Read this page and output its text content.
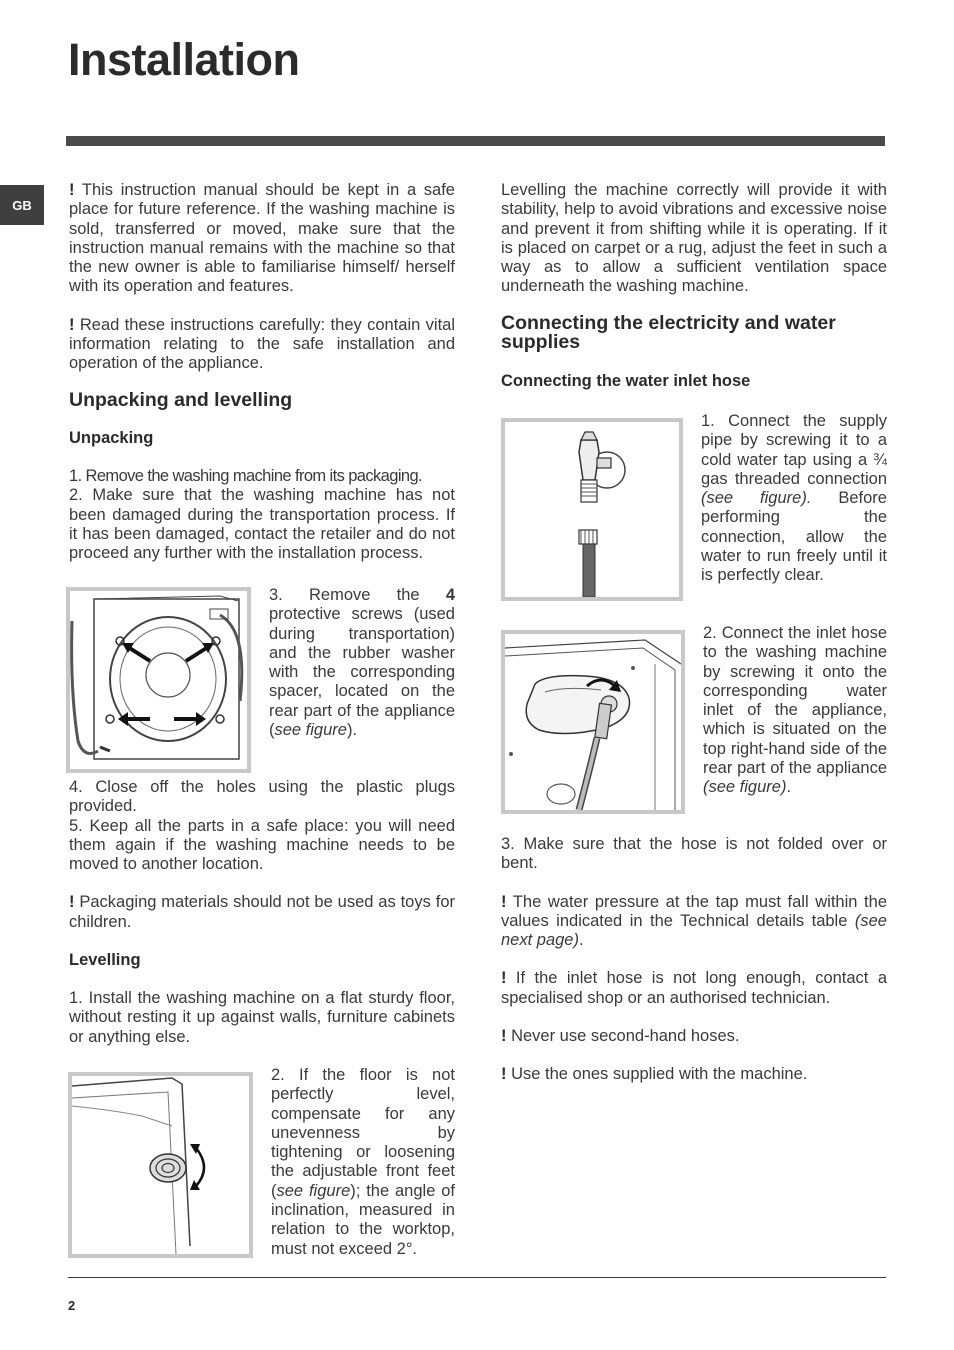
Installation
GB

! This instruction manual should be kept in a safe place for future reference. If the washing machine is sold, transferred or moved, make sure that the instruction manual remains with the machine so that the new owner is able to familiarise himself/ herself with its operation and features.

! Read these instructions carefully: they contain vital information relating to the safe installation and operation of the appliance.

Unpacking and levelling
Unpacking

1. Remove the washing machine from its packaging.

2. Make sure that the washing machine has not been damaged during the transportation process. If it has been damaged, contact the retailer and do not proceed any further with the installation process.

3. Remove the 4 protective screws (used during transportation) and the rubber washer with the corresponding spacer, located on the rear part of the appliance (see figure).

4. Close off the holes using the plastic plugs provided.

5. Keep all the parts in a safe place: you will need them again if the washing machine needs to be moved to another location.

! Packaging materials should not be used as toys for children.

Levelling

1. Install the washing machine on a flat sturdy floor, without resting it up against walls, furniture cabinets or anything else.

2. If the floor is not perfectly level, compensate for any unevenness by tightening or loosening the adjustable front feet (see figure); the angle of inclination, measured in relation to the worktop, must not exceed 2°.

Levelling the machine correctly will provide it with stability, help to avoid vibrations and excessive noise and prevent it from shifting while it is operating. If it is placed on carpet or a rug, adjust the feet in such a way as to allow a sufficient ventilation space underneath the washing machine.

Connecting the electricity and water supplies
Connecting the water inlet hose

1. Connect the supply pipe by screwing it to a cold water tap using a ¾ gas threaded connection (see figure). Before performing the connection, allow the water to run freely until it is perfectly clear.

2. Connect the inlet hose to the washing machine by screwing it onto the corresponding water inlet of the appliance, which is situated on the top right-hand side of the rear part of the appliance (see figure).

3. Make sure that the hose is not folded over or bent.

! The water pressure at the tap must fall within the values indicated in the Technical details table (see next page).

! If the inlet hose is not long enough, contact a specialised shop or an authorised technician.

! Never use second-hand hoses.

! Use the ones supplied with the machine.

2
